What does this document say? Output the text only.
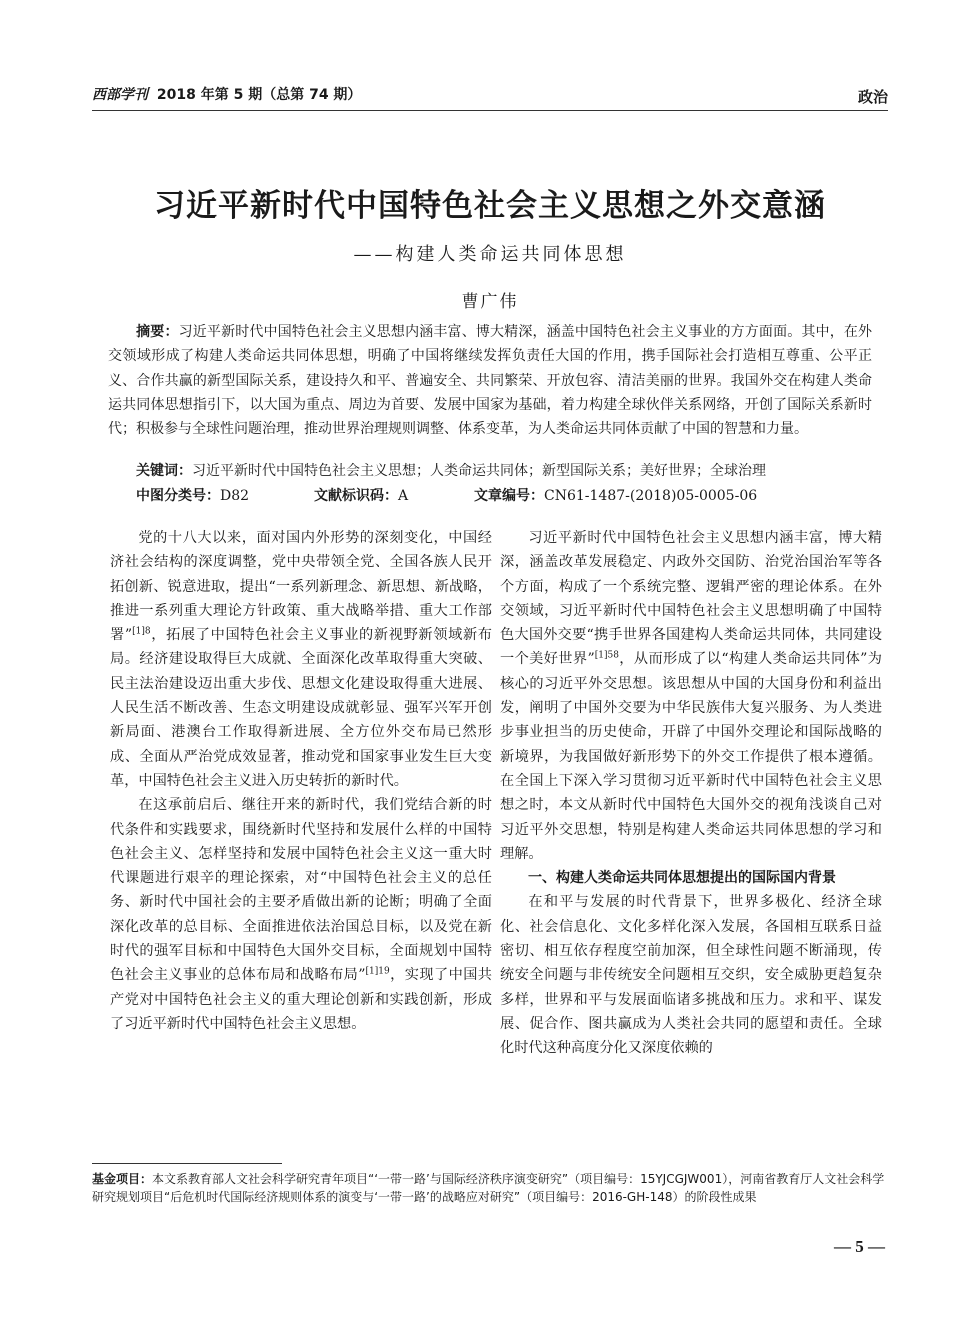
西部学刊 2018 年第 5 期（总第 74 期）	政治
习近平新时代中国特色社会主义思想之外交意涵
——构建人类命运共同体思想
曹广伟
摘要：习近平新时代中国特色社会主义思想内涵丰富、博大精深，涵盖中国特色社会主义事业的方方面面。其中，在外交领域形成了构建人类命运共同体思想，明确了中国将继续发挥负责任大国的作用，携手国际社会打造相互尊重、公平正义、合作共赢的新型国际关系，建设持久和平、普遍安全、共同繁荣、开放包容、清洁美丽的世界。我国外交在构建人类命运共同体思想指引下，以大国为重点、周边为首要、发展中国家为基础，着力构建全球伙伴关系网络，开创了国际关系新时代；积极参与全球性问题治理，推动世界治理规则调整、体系变革，为人类命运共同体贡献了中国的智慧和力量。
关键词：习近平新时代中国特色社会主义思想；人类命运共同体；新型国际关系；美好世界；全球治理
中图分类号：D82	文献标识码：A	文章编号：CN61-1487-(2018)05-0005-06

党的十八大以来，面对国内外形势的深刻变化，中国经济社会结构的深度调整，党中央带领全党、全国各族人民开拓创新、锐意进取，提出“一系列新理念、新思想、新战略，推进一系列重大理论方针政策、重大战略举措、重大工作部署”$^{[1]8}$，拓展了中国特色社会主义事业的新视野新领域新布局。经济建设取得巨大成就、全面深化改革取得重大突破、民主法治建设迈出重大步伐、思想文化建设取得重大进展、人民生活不断改善、生态文明建设成就彰显、强军兴军开创新局面、港澳台工作取得新进展、全方位外交布局已然形成、全面从严治党成效显著，推动党和国家事业发生巨大变革，中国特色社会主义进入历史转折的新时代。

在这承前启后、继往开来的新时代，我们党结合新的时代条件和实践要求，围绕新时代坚持和发展什么样的中国特色社会主义、怎样坚持和发展中国特色社会主义这一重大时代课题进行艰辛的理论探索，对“中国特色社会主义的总任务、新时代中国社会的主要矛盾做出新的论断；明确了全面深化改革的总目标、全面推进依法治国总目标，以及党在新时代的强军目标和中国特色大国外交目标，全面规划中国特色社会主义事业的总体布局和战略布局”$^{[1]19}$，实现了中国共产党对中国特色社会主义的重大理论创新和实践创新，形成了习近平新时代中国特色社会主义思想。

习近平新时代中国特色社会主义思想内涵丰富，博大精深，涵盖改革发展稳定、内政外交国防、治党治国治军等各个方面，构成了一个系统完整、逻辑严密的理论体系。在外交领域，习近平新时代中国特色社会主义思想明确了中国特色大国外交要“携手世界各国建构人类命运共同体，共同建设一个美好世界”$^{[1]58}$，从而形成了以“构建人类命运共同体”为核心的习近平外交思想。该思想从中国的大国身份和利益出发，阐明了中国外交要为中华民族伟大复兴服务、为人类进步事业担当的历史使命，开辟了中国外交理论和国际战略的新境界，为我国做好新形势下的外交工作提供了根本遵循。在全国上下深入学习贯彻习近平新时代中国特色社会主义思想之时，本文从新时代中国特色大国外交的视角浅谈自己对习近平外交思想，特别是构建人类命运共同体思想的学习和理解。

一、构建人类命运共同体思想提出的国际国内背景

在和平与发展的时代背景下，世界多极化、经济全球化、社会信息化、文化多样化深入发展，各国相互联系日益密切、相互依存程度空前加深，但全球性问题不断涌现，传统安全问题与非传统安全问题相互交织，安全威胁更趋复杂多样，世界和平与发展面临诸多挑战和压力。求和平、谋发展、促合作、图共赢成为人类社会共同的愿望和责任。全球化时代这种高度分化又深度依赖的

基金项目：本文系教育部人文社会科学研究青年项目“‘一带一路’与国际经济秩序演变研究”（项目编号：15YJCGJW001），河南省教育厅人文社会科学研究规划项目“后危机时代国际经济规则体系的演变与‘一带一路’的战略应对研究”（项目编号：2016-GH-148）的阶段性成果
— 5 —
